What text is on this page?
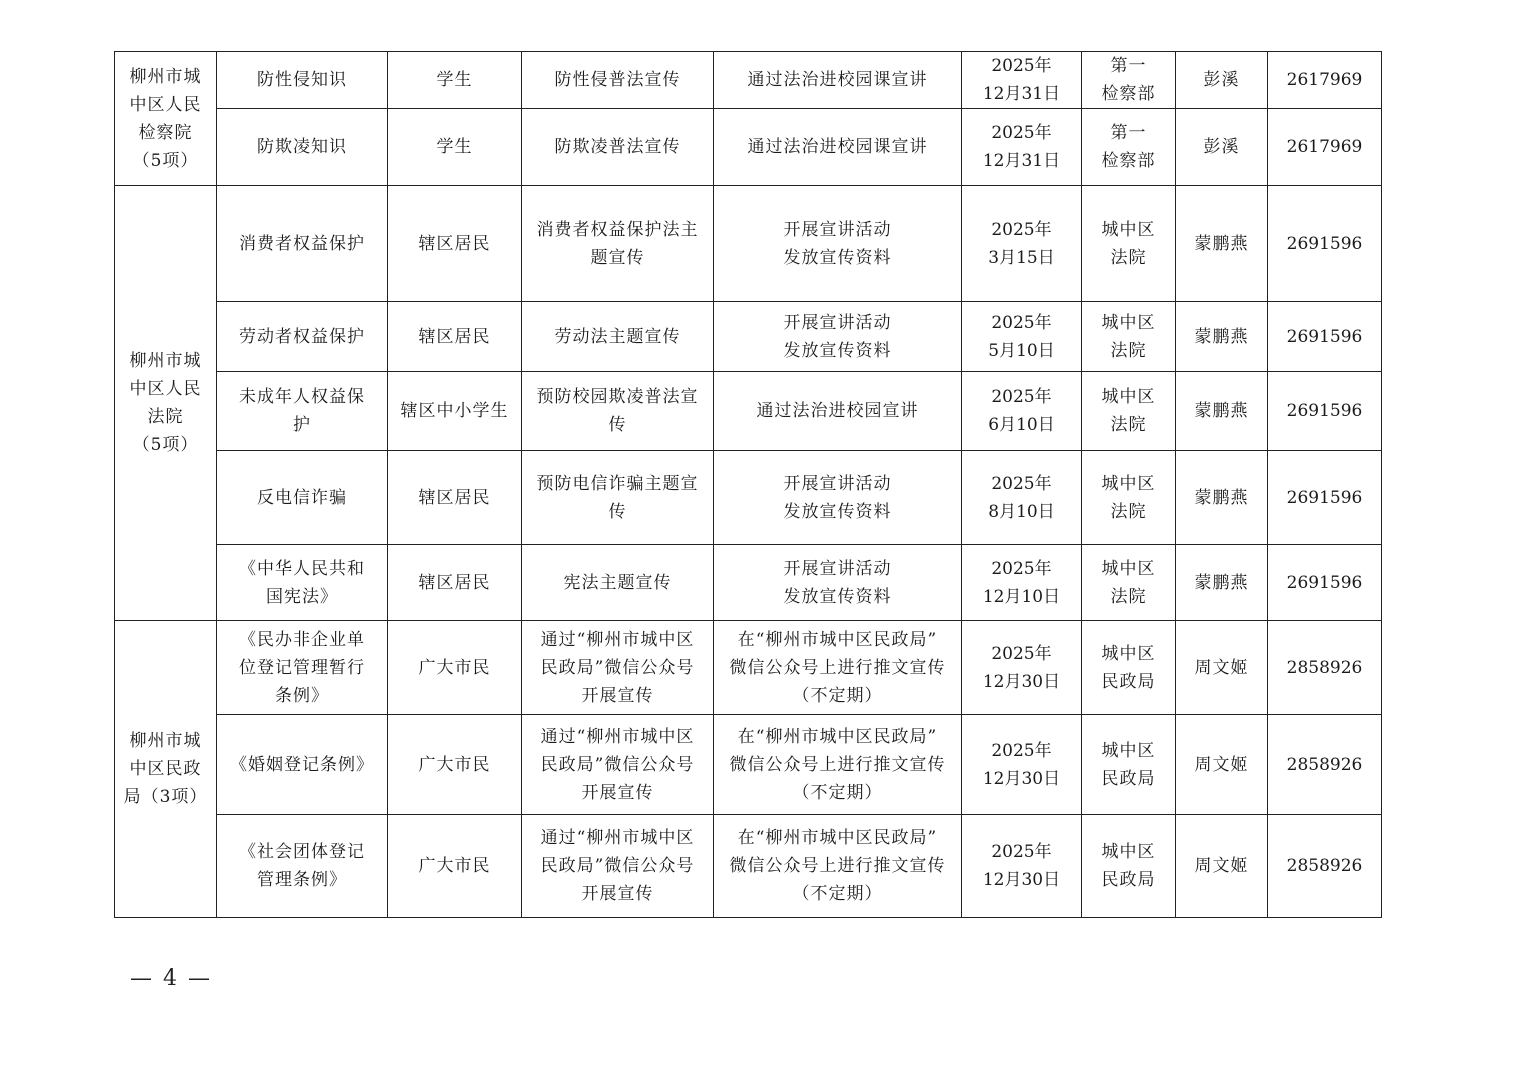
柳州市城
中区人民
检察院
（5项）	防性侵知识	学生	防性侵普法宣传	通过法治进校园课宣讲	2025年
12月31日	第一
检察部	彭溪	2617969
	防欺凌知识	学生	防欺凌普法宣传	通过法治进校园课宣讲	2025年
12月31日	第一
检察部	彭溪	2617969
柳州市城
中区人民
法院
（5项）	消费者权益保护	辖区居民	消费者权益保护法主
题宣传	开展宣讲活动
发放宣传资料	2025年
3月15日	城中区
法院	蒙鹏燕	2691596
	劳动者权益保护	辖区居民	劳动法主题宣传	开展宣讲活动
发放宣传资料	2025年
5月10日	城中区
法院	蒙鹏燕	2691596
	未成年人权益保
护	辖区中小学生	预防校园欺凌普法宣
传	通过法治进校园宣讲	2025年
6月10日	城中区
法院	蒙鹏燕	2691596
	反电信诈骗	辖区居民	预防电信诈骗主题宣
传	开展宣讲活动
发放宣传资料	2025年
8月10日	城中区
法院	蒙鹏燕	2691596
	《中华人民共和
国宪法》	辖区居民	宪法主题宣传	开展宣讲活动
发放宣传资料	2025年
12月10日	城中区
法院	蒙鹏燕	2691596
柳州市城
中区民政
局（3项）	《民办非企业单
位登记管理暂行
条例》	广大市民	通过“柳州市城中区
民政局”微信公众号
开展宣传	在“柳州市城中区民政局”
微信公众号上进行推文宣传
（不定期）	2025年
12月30日	城中区
民政局	周文姬	2858926
	《婚姻登记条例》	广大市民	通过“柳州市城中区
民政局”微信公众号
开展宣传	在“柳州市城中区民政局”
微信公众号上进行推文宣传
（不定期）	2025年
12月30日	城中区
民政局	周文姬	2858926
	《社会团体登记
管理条例》	广大市民	通过“柳州市城中区
民政局”微信公众号
开展宣传	在“柳州市城中区民政局”
微信公众号上进行推文宣传
（不定期）	2025年
12月30日	城中区
民政局	周文姬	2858926
— 4 —
